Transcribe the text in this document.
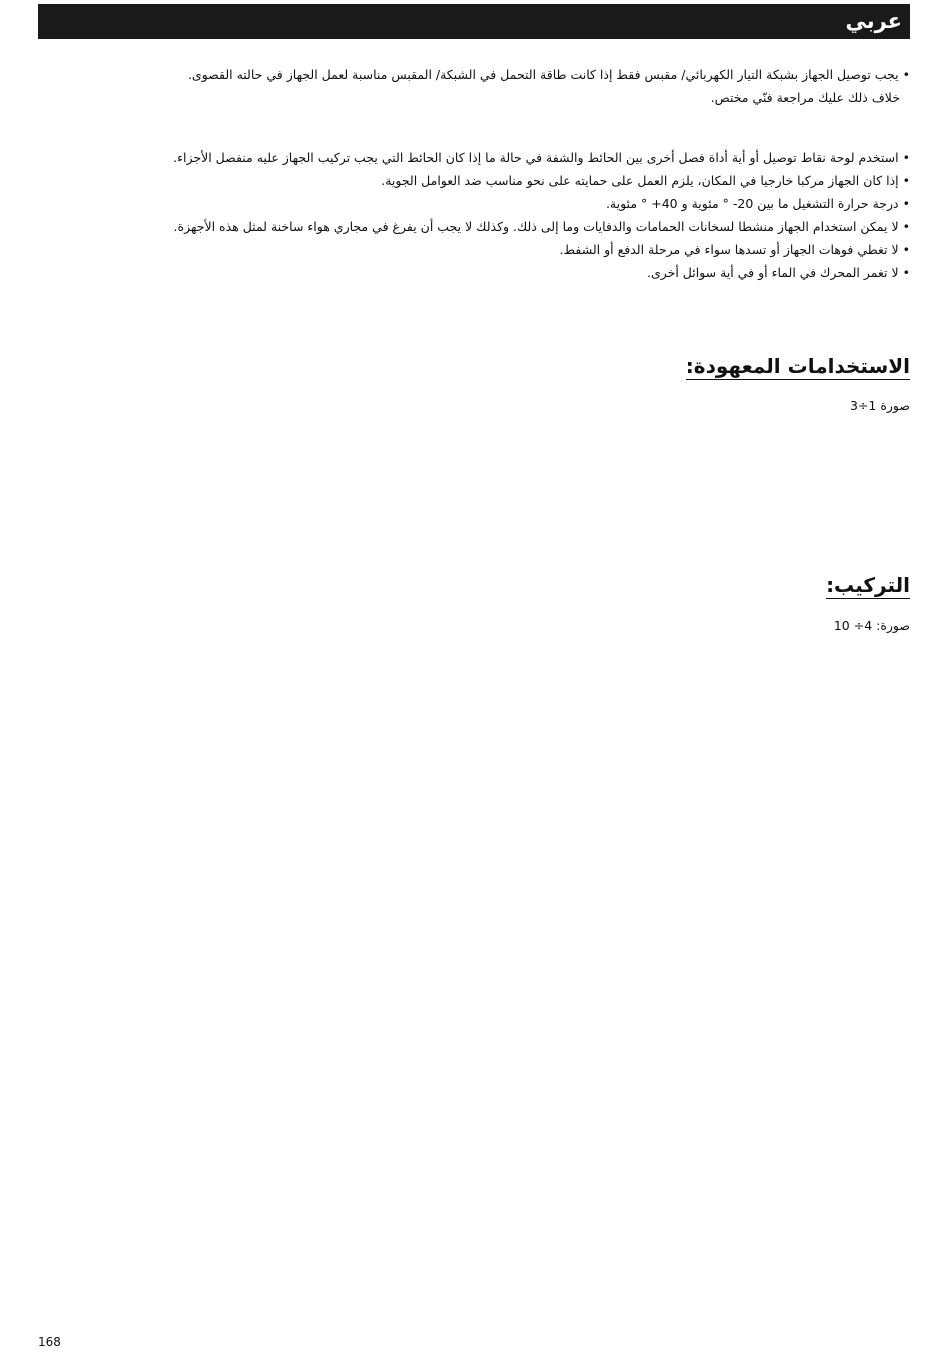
عربي
•يجب توصيل الجهاز بشبكة التيار الكهربائي/ مقبس فقط إذا كانت طاقة التحمل في الشبكة/ المقبس مناسبة لعمل الجهاز في حالته القصوى.
خلاف ذلك عليك مراجعة فنّي مختص.
•استخدم لوحة نقاط توصيل أو أية أداة فصل أخرى بين الحائط والشفة في حالة ما إذا كان الحائط التي يجب تركيب الجهاز عليه منفصل الأجزاء.
•إذا كان الجهاز مركبا خارجيا في المكان، يلزم العمل على حمايته على نحو مناسب ضد العوامل الجوية.
•درجة حرارة التشغيل ما بين 20- ° مئوية و 40+ ° مئوية.
•لا يمكن استخدام الجهاز منشطا لسخانات الحمامات والدفايات وما إلى ذلك. وكذلك لا يجب أن يفرغ في مجاري هواء ساخنة لمثل هذه الأجهزة.
•لا تغطي فوهات الجهاز أو تسدها سواء في مرحلة الدفع أو الشفط.
•لا تغمر المحرك في الماء أو في أية سوائل أخرى.
الاستخدامات المعهودة:
صورة 1÷3
التركيب:
صورة: 4÷ 10
168
